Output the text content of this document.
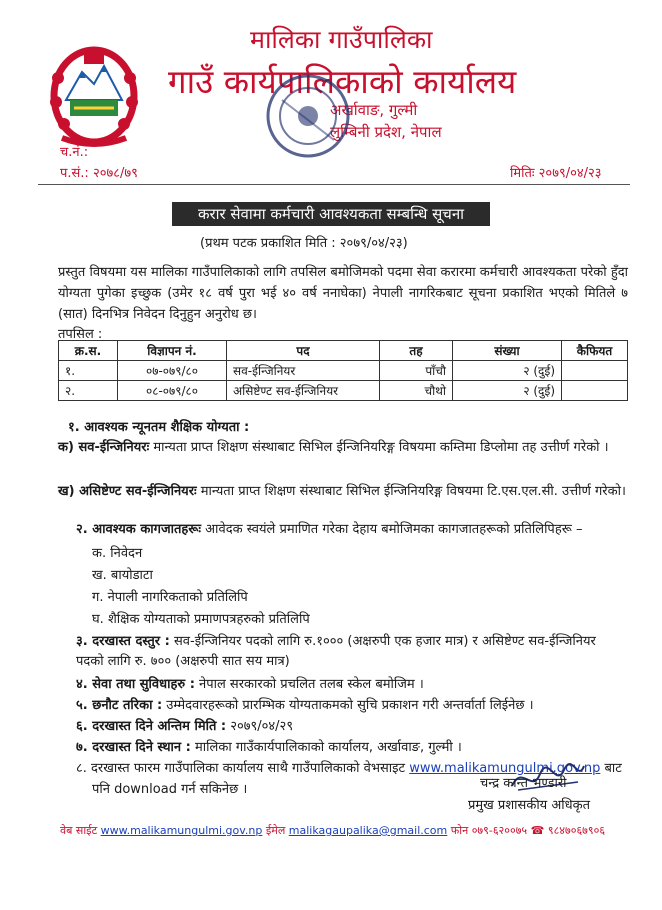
मालिका गाउँपालिका
गाउँ कार्यपालिकाको कार्यालय
अर्खावाङ, गुल्मी
लुम्बिनी प्रदेश, नेपाल
च.नं.:
प.सं.: २०७८/७९	मितिः २०७९/०४/२३
करार सेवामा कर्मचारी आवश्यकता सम्बन्धि सूचना
(प्रथम पटक प्रकाशित मिति : २०७९/०४/२३)
प्रस्तुत विषयमा यस मालिका गाउँपालिकाको लागि तपसिल बमोजिमको पदमा सेवा करारमा कर्मचारी आवश्यकता परेको हुँदा योग्यता पुगेका इच्छुक (उमेर १८ वर्ष पुरा भई ४० वर्ष ननाघेका) नेपाली नागरिकबाट सूचना प्रकाशित भएको मितिले ७ (सात) दिनभित्र निवेदन दिनुहुन अनुरोध छ।
तपसिल :
क्र.स.	विज्ञापन नं.	पद	तह	संख्या	कैफियत
१.	०७-०७९/८०	सव-ईन्जिनियर	पाँचौ	२ (दुई)	
२.	०८-०७९/८०	असिष्टेण्ट सव-ईन्जिनियर	चौथो	२ (दुई)	
१. आवश्यक न्यूनतम शैक्षिक योग्यता :
क) सव-ईन्जिनियरः मान्यता प्राप्त शिक्षण संस्थाबाट सिभिल ईन्जिनियरिङ्ग विषयमा कम्तिमा डिप्लोमा तह उत्तीर्ण गरेको ।
ख) असिष्टेण्ट सव-ईन्जिनियरः मान्यता प्राप्त शिक्षण संस्थाबाट सिभिल ईन्जिनियरिङ्ग विषयमा टि.एस.एल.सी. उत्तीर्ण गरेको।
२. आवश्यक कागजातहरूः आवेदक स्वयंले प्रमाणित गरेका देहाय बमोजिमका कागजातहरूको प्रतिलिपिहरू –
क. निवेदन
ख. बायोडाटा
ग. नेपाली नागरिकताको प्रतिलिपि
घ. शैक्षिक योग्यताको प्रमाणपत्रहरुको प्रतिलिपि
३. दरखास्त दस्तुर : सव-ईन्जिनियर पदको लागि रु.१००० (अक्षरुपी एक हजार मात्र) र असिष्टेण्ट सव-ईन्जिनियर पदको लागि रु. ७०० (अक्षरुपी सात सय मात्र)
४. सेवा तथा सुविधाहरु : नेपाल सरकारको प्रचलित तलब स्केल बमोजिम ।
५. छनौट तरिका : उम्मेदवारहरूको प्रारम्भिक योग्यताकमको सुचि प्रकाशन गरी अन्तर्वार्ता लिईनेछ ।
६. दरखास्त दिने अन्तिम मिति : २०७९/०४/२९
७. दरखास्त दिने स्थान : मालिका गाउँकार्यपालिकाको कार्यालय, अर्खावाङ, गुल्मी ।
८. दरखास्त फारम गाउँपालिका कार्यालय साथै गाउँपालिकाको वेभसाइट www.malikamungulmi.gov.np बाट
पनि download गर्न सकिनेछ ।	चन्द्र कान्त भण्डारी
प्रमुख प्रशासकीय अधिकृत
वेब साईट www.malikamungulmi.gov.np ईमेल malikagaupalika@gmail.com फोन ०७९-६२००७५ ☎ ९८४७०६७९०६
